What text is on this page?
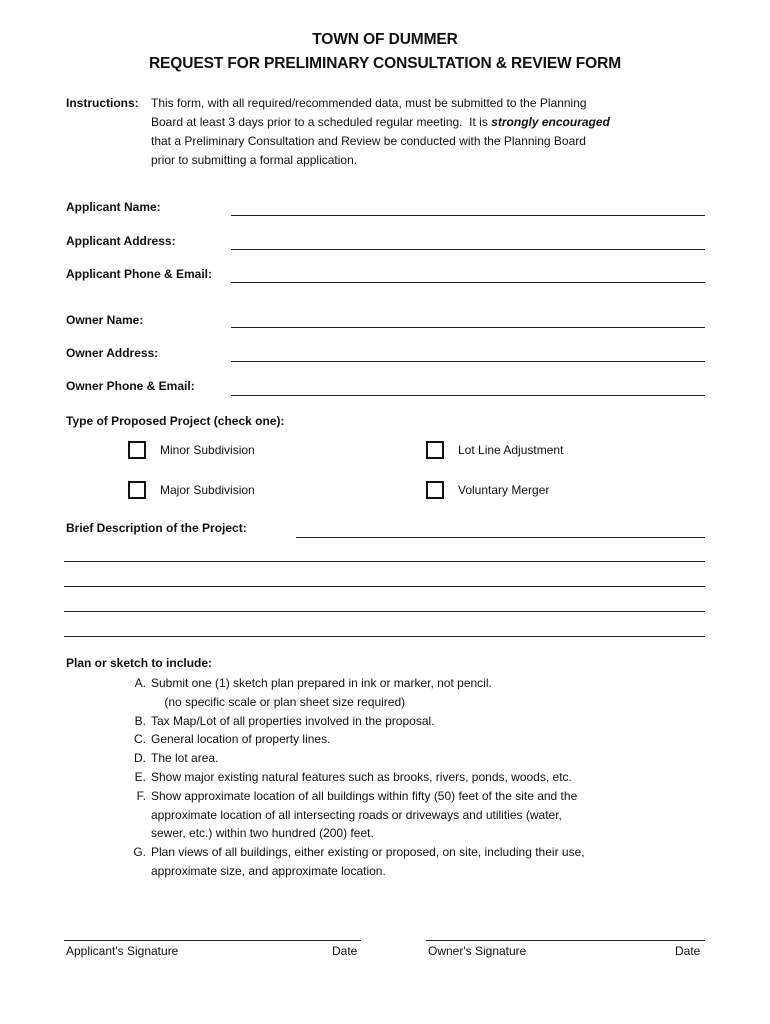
TOWN OF DUMMER
REQUEST FOR PRELIMINARY CONSULTATION & REVIEW FORM
Instructions: This form, with all required/recommended data, must be submitted to the Planning
Board at least 3 days prior to a scheduled regular meeting.  It is strongly encouraged
that a Preliminary Consultation and Review be conducted with the Planning Board
prior to submitting a formal application.
Applicant Name:
Applicant Address:
Applicant Phone & Email:
Owner Name:
Owner Address:
Owner Phone & Email:
Type of Proposed Project (check one):
Minor Subdivision	Lot Line Adjustment
Major Subdivision	Voluntary Merger
Brief Description of the Project:
Plan or sketch to include:
A. Submit one (1) sketch plan prepared in ink or marker, not pencil.
(no specific scale or plan sheet size required)
B. Tax Map/Lot of all properties involved in the proposal.
C. General location of property lines.
D. The lot area.
E. Show major existing natural features such as brooks, rivers, ponds, woods, etc.
F. Show approximate location of all buildings within fifty (50) feet of the site and the
approximate location of all intersecting roads or driveways and utilities (water,
sewer, etc.) within two hundred (200) feet.
G. Plan views of all buildings, either existing or proposed, on site, including their use,
approximate size, and approximate location.
Applicant's Signature	Date	Owner's Signature	Date
